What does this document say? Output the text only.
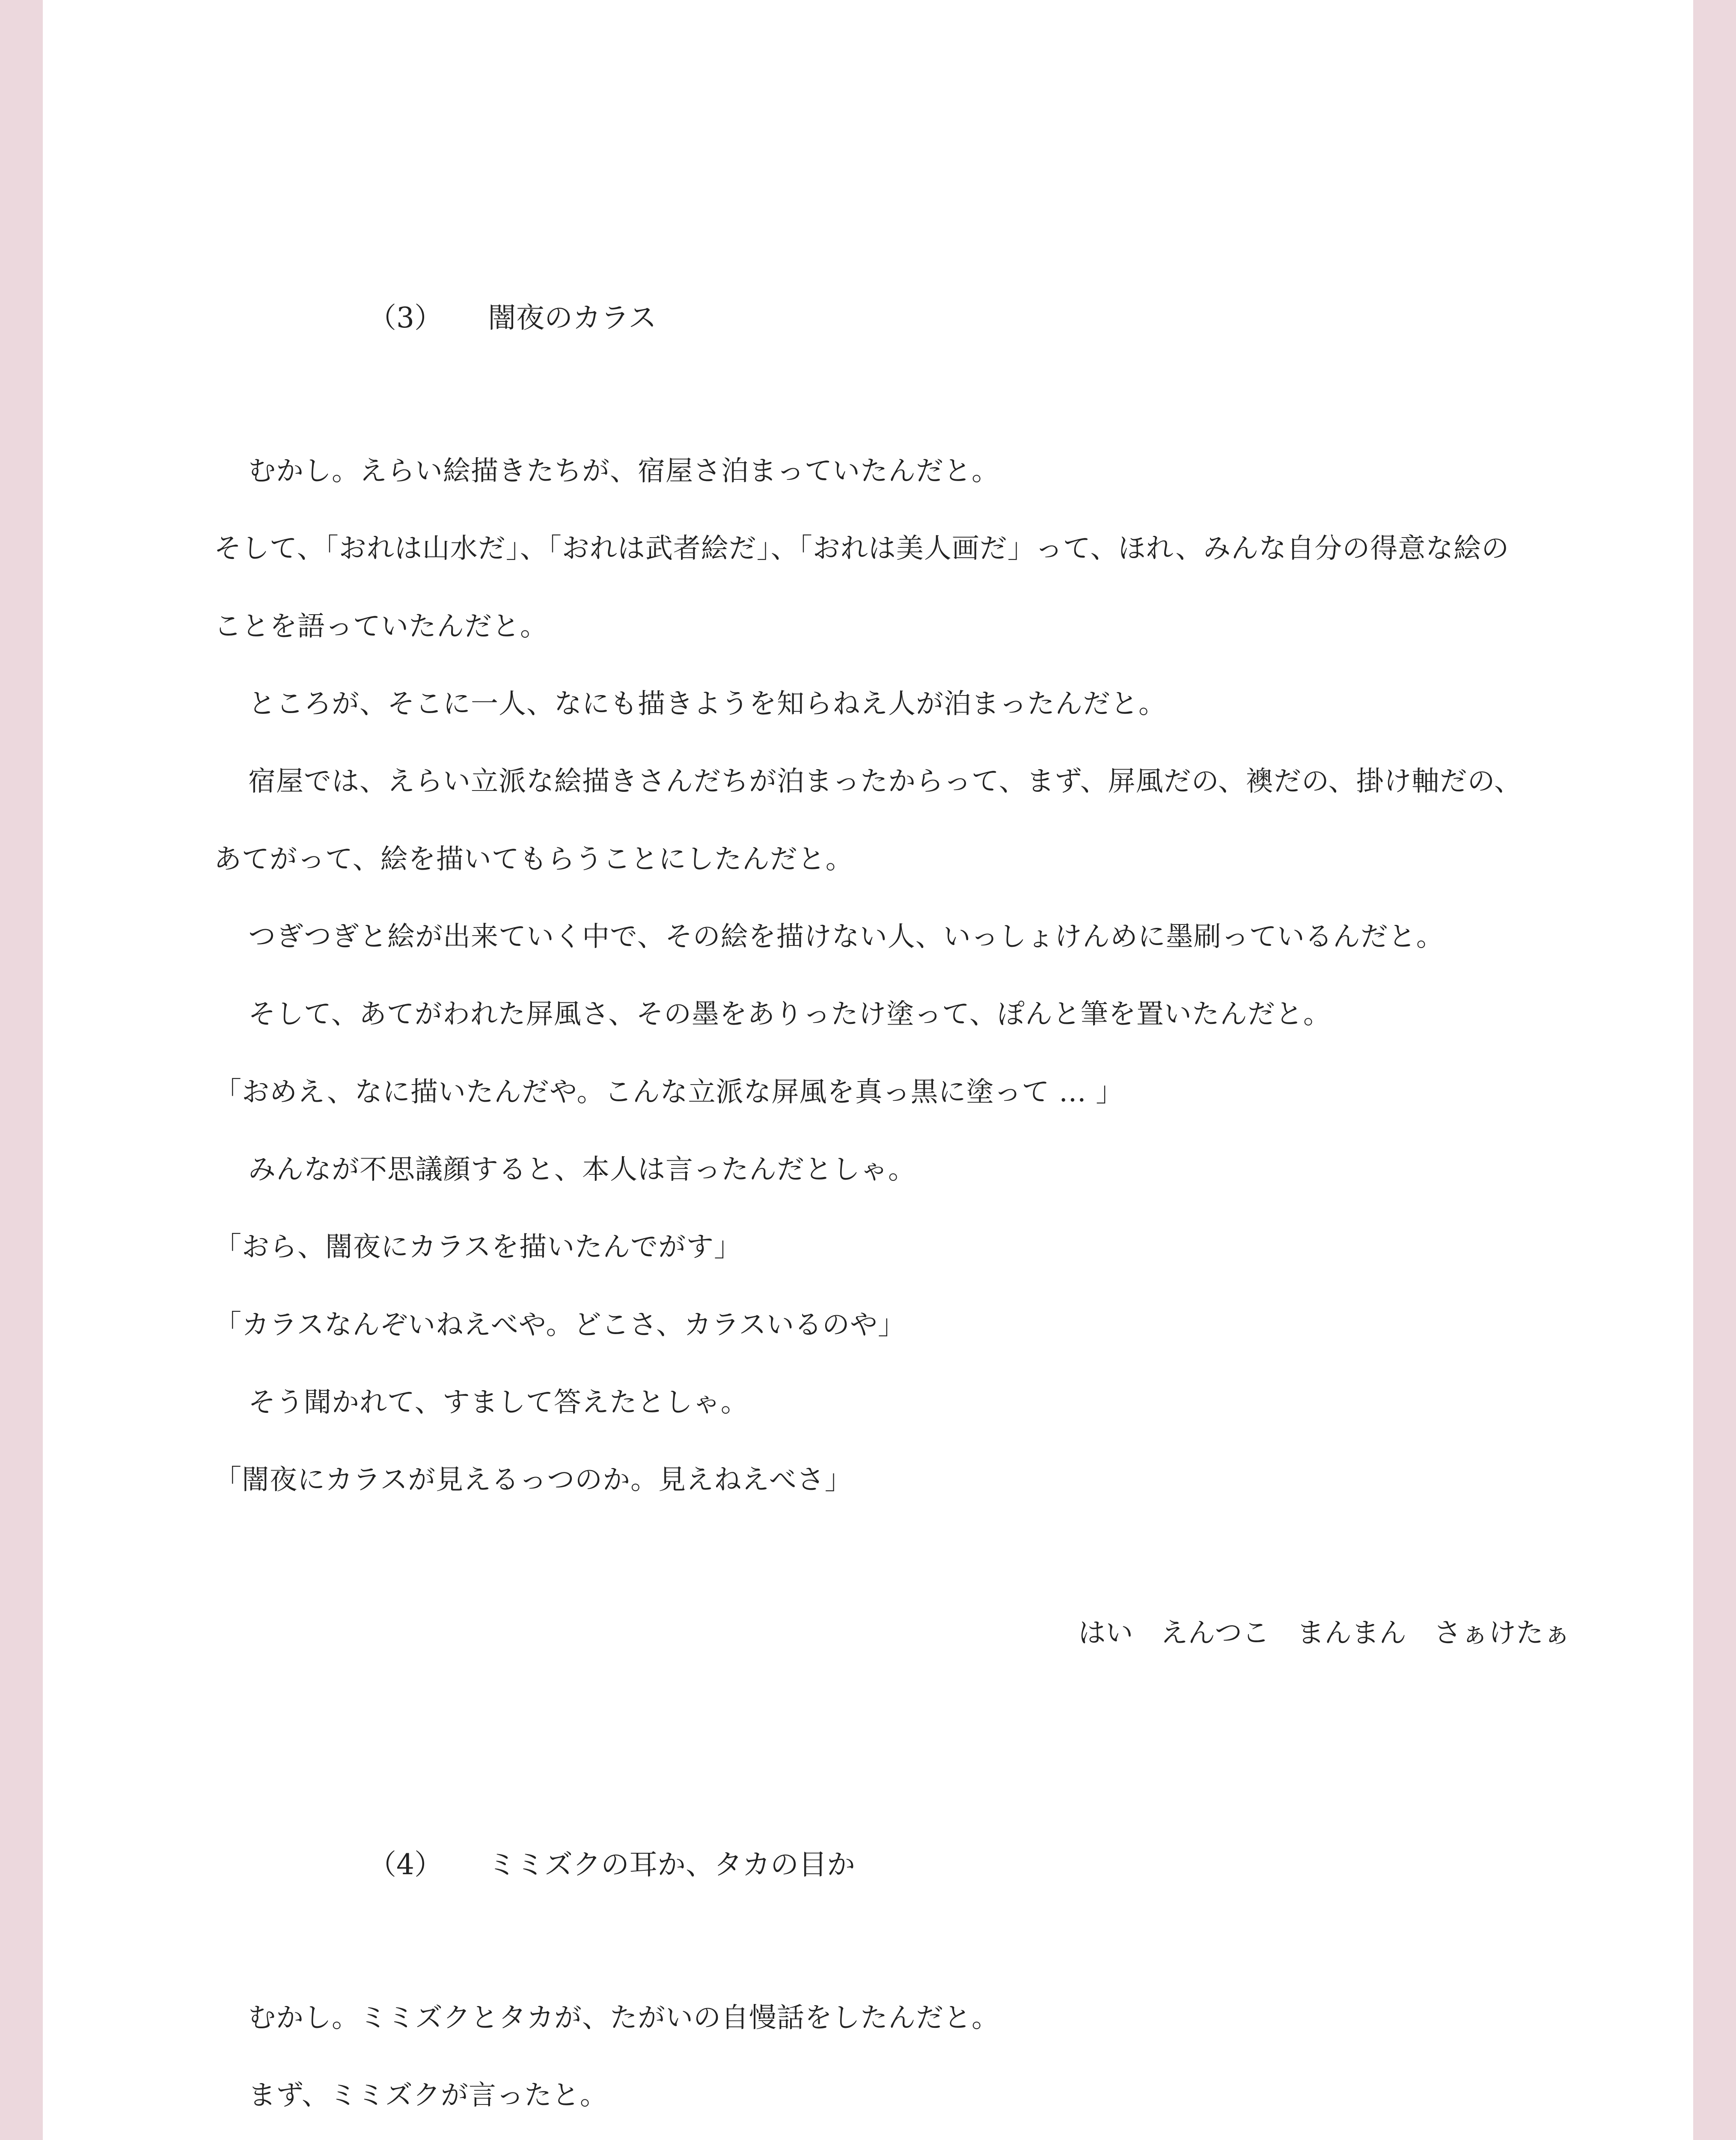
（3） 闇夜のカラス
むかし。えらい絵描きたちが、宿屋さ泊まっていたんだと。
そして、「おれは山水だ」、「おれは武者絵だ」、「おれは美人画だ」って、ほれ、みんな自分の得意な絵の
ことを語っていたんだと。
ところが、そこに一人、なにも描きようを知らねえ人が泊まったんだと。
宿屋では、えらい立派な絵描きさんだちが泊まったからって、まず、屏風だの、襖だの、掛け軸だの、
あてがって、絵を描いてもらうことにしたんだと。
つぎつぎと絵が出来ていく中で、その絵を描けない人、いっしょけんめに墨刷っているんだと。
そして、あてがわれた屏風さ、その墨をありったけ塗って、ぽんと筆を置いたんだと。
「おめえ、なに描いたんだや。こんな立派な屏風を真っ黒に塗って … 」
みんなが不思議顔すると、本人は言ったんだとしゃ。
「おら、闇夜にカラスを描いたんでがす」
「カラスなんぞいねえべや。どこさ、カラスいるのや」
そう聞かれて、すまして答えたとしゃ。
「闇夜にカラスが見えるっつのか。見えねえべさ」
はい　えんつこ　まんまん　さぁけたぁ
（4） ミミズクの耳か、タカの目か
むかし。ミミズクとタカが、たがいの自慢話をしたんだと。
まず、ミミズクが言ったと。
